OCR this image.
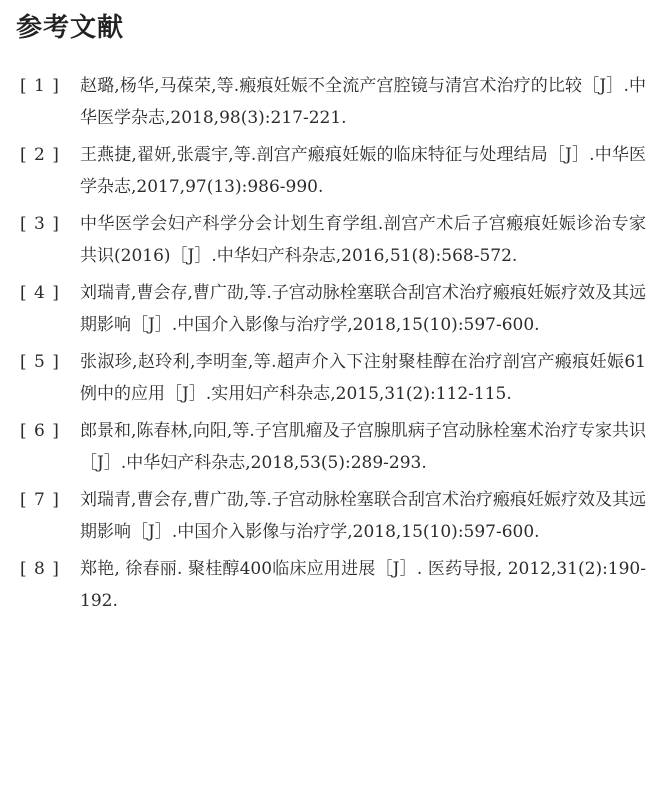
参考文献
[ 1 ]	赵璐,杨华,马葆荣,等.瘢痕妊娠不全流产宫腔镜与清宫术治疗的比较［J］.中华医学杂志,2018,98(3):217-221.
[ 2 ]	王燕捷,翟妍,张震宇,等.剖宫产瘢痕妊娠的临床特征与处理结局［J］.中华医学杂志,2017,97(13):986-990.
[ 3 ]	中华医学会妇产科学分会计划生育学组.剖宫产术后子宫瘢痕妊娠诊治专家共识(2016)［J］.中华妇产科杂志,2016,51(8):568-572.
[ 4 ]	刘瑞青,曹会存,曹广劭,等.子宫动脉栓塞联合刮宫术治疗瘢痕妊娠疗效及其远期影响［J］.中国介入影像与治疗学,2018,15(10):597-600.
[ 5 ]	张淑珍,赵玲利,李明奎,等.超声介入下注射聚桂醇在治疗剖宫产瘢痕妊娠61例中的应用［J］.实用妇产科杂志,2015,31(2):112-115.
[ 6 ]	郎景和,陈春林,向阳,等.子宫肌瘤及子宫腺肌病子宫动脉栓塞术治疗专家共识［J］.中华妇产科杂志,2018,53(5):289-293.
[ 7 ]	刘瑞青,曹会存,曹广劭,等.子宫动脉栓塞联合刮宫术治疗瘢痕妊娠疗效及其远期影响［J］.中国介入影像与治疗学,2018,15(10):597-600.
[ 8 ]	郑艳, 徐春丽. 聚桂醇400临床应用进展［J］. 医药导报, 2012,31(2):190-192.
